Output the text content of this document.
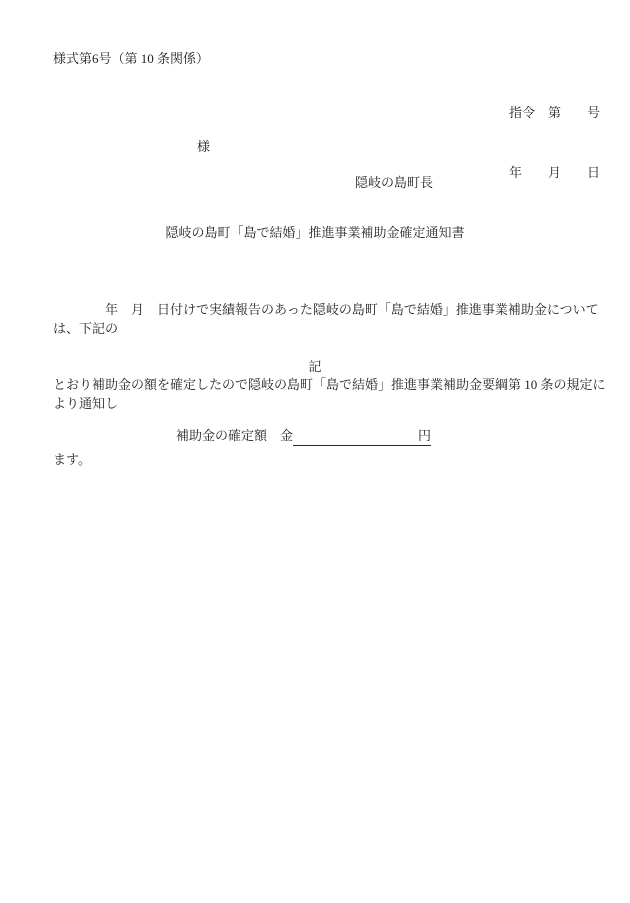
様式第6号（第 10 条関係）

指令　第　　号

年　　月　　日

様
隠岐の島町長
隠岐の島町「島で結婚」推進事業補助金確定通知書

　　　　年　月　日付けで実績報告のあった隠岐の島町「島で結婚」推進事業補助金については、下記の

とおり補助金の額を確定したので隠岐の島町「島で結婚」推進事業補助金要綱第 10 条の規定により通知し

ます。

記

補助金の確定額　 金	円
